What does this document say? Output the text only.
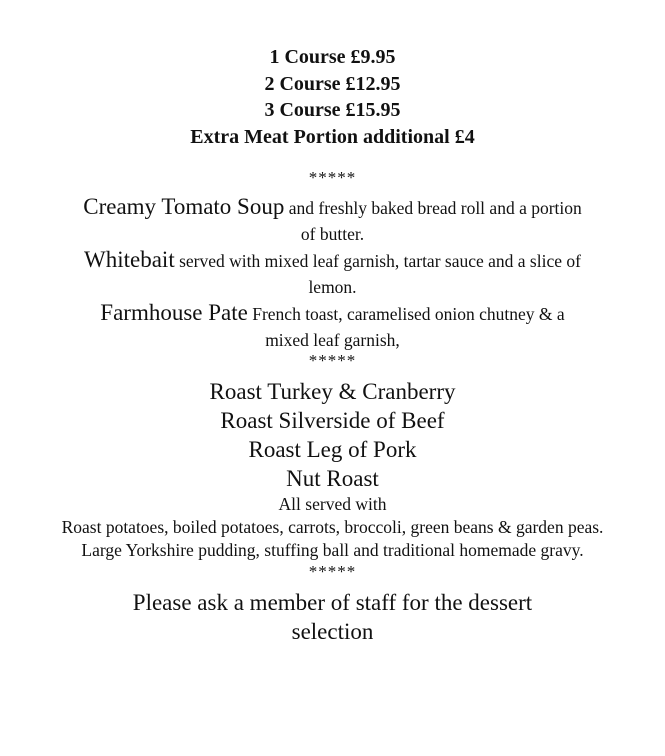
1 Course £9.95
2 Course £12.95
3 Course £15.95
Extra Meat Portion additional £4
*****
Creamy Tomato Soup and freshly baked bread roll and a portion of butter.
Whitebait served with mixed leaf garnish, tartar sauce and a slice of lemon.
Farmhouse Pate French toast, caramelised onion chutney & a mixed leaf garnish,
*****
Roast Turkey & Cranberry
Roast Silverside of Beef
Roast Leg of Pork
Nut Roast
All served with
Roast potatoes, boiled potatoes, carrots, broccoli, green beans & garden peas.
Large Yorkshire pudding, stuffing ball and traditional homemade gravy.
*****
Please ask a member of staff for the dessert selection
